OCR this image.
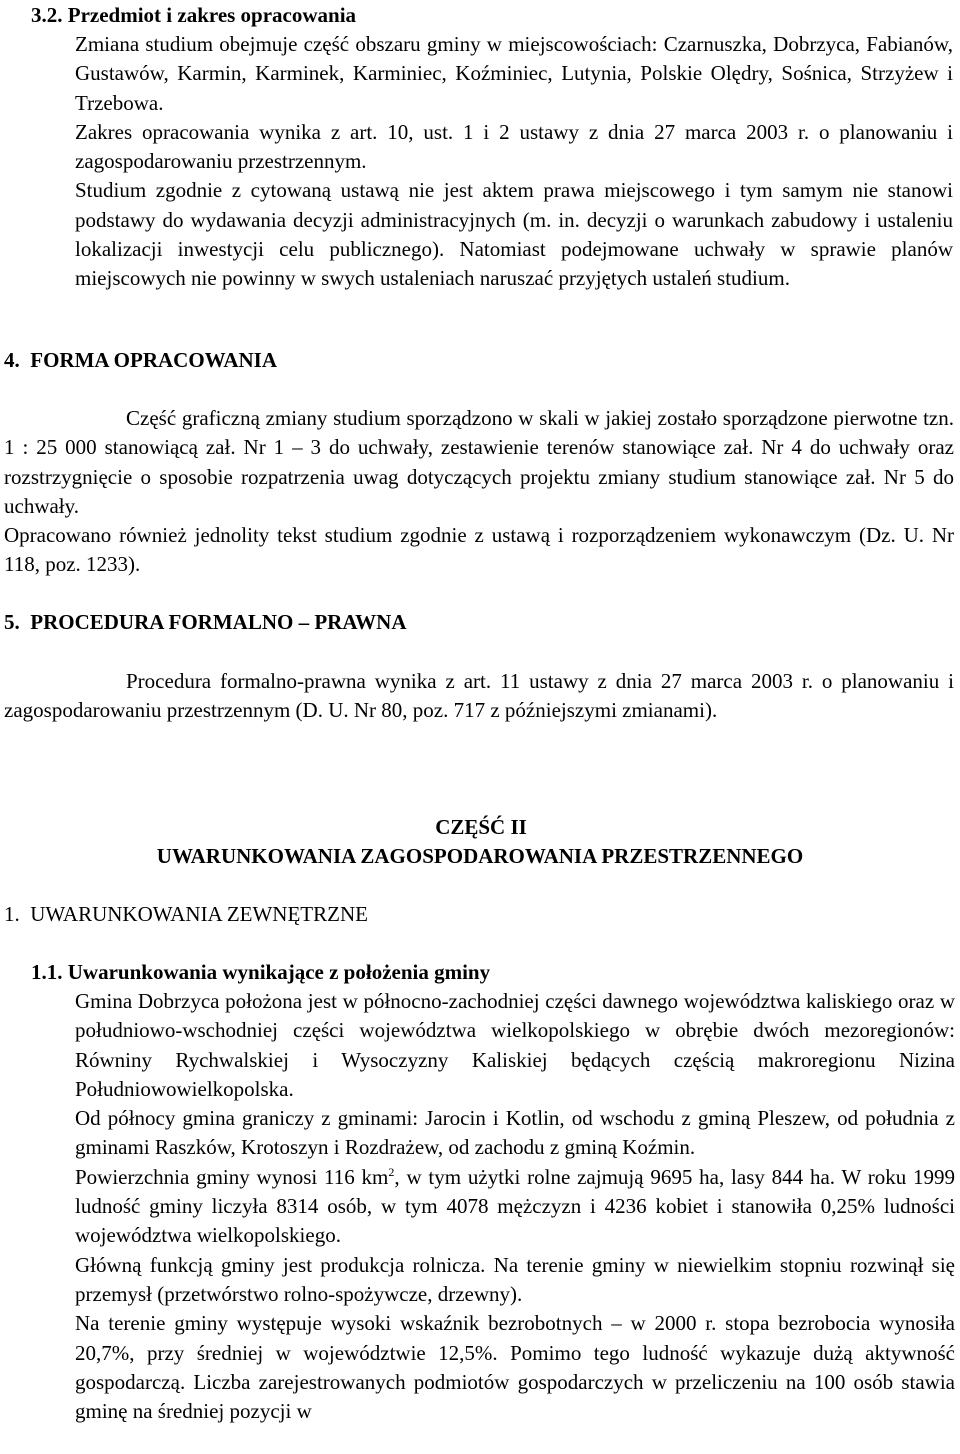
3.2. Przedmiot i zakres opracowania
Zmiana studium obejmuje część obszaru gminy w miejscowościach: Czarnuszka, Dobrzyca, Fabianów, Gustawów, Karmin, Karminek, Karminiec, Koźminiec, Lutynia, Polskie Olędry, Sośnica, Strzyżew i Trzebowa.
Zakres opracowania wynika z art. 10, ust. 1 i 2 ustawy z dnia 27 marca 2003 r. o planowaniu i zagospodarowaniu przestrzennym.
Studium zgodnie z cytowaną ustawą nie jest aktem prawa miejscowego i tym samym nie stanowi podstawy do wydawania decyzji administracyjnych (m. in. decyzji o warunkach zabudowy i ustaleniu lokalizacji inwestycji celu publicznego). Natomiast podejmowane uchwały w sprawie planów miejscowych nie powinny w swych ustaleniach naruszać przyjętych ustaleń studium.
4. FORMA OPRACOWANIA
Część graficzną zmiany studium sporządzono w skali w jakiej zostało sporządzone pierwotne tzn. 1 : 25 000 stanowiącą zał. Nr 1 – 3 do uchwały, zestawienie terenów stanowiące zał. Nr 4 do uchwały oraz rozstrzygnięcie o sposobie rozpatrzenia uwag dotyczących projektu zmiany studium stanowiące zał. Nr 5 do uchwały.
Opracowano również jednolity tekst studium zgodnie z ustawą i rozporządzeniem wykonawczym (Dz. U. Nr 118, poz. 1233).
5. PROCEDURA FORMALNO – PRAWNA
Procedura formalno-prawna wynika z art. 11 ustawy z dnia 27 marca 2003 r. o planowaniu i zagospodarowaniu przestrzennym (D. U. Nr 80, poz. 717 z późniejszymi zmianami).
CZĘŚĆ II
UWARUNKOWANIA ZAGOSPODAROWANIA PRZESTRZENNEGO
1. UWARUNKOWANIA ZEWNĘTRZNE
1.1. Uwarunkowania wynikające z położenia gminy
Gmina Dobrzyca położona jest w północno-zachodniej części dawnego województwa kaliskiego oraz w południowo-wschodniej części województwa wielkopolskiego w obrębie dwóch mezoregionów: Równiny Rychwalskiej i Wysoczyzny Kaliskiej będących częścią makroregionu Nizina Południowowielkopolska.
Od północy gmina graniczy z gminami: Jarocin i Kotlin, od wschodu z gminą Pleszew, od południa z gminami Raszków, Krotoszyn i Rozdrażew, od zachodu z gminą Koźmin.
Powierzchnia gminy wynosi 116 $km^2$, w tym użytki rolne zajmują 9695 ha, lasy 844 ha. W roku 1999 ludność gminy liczyła 8314 osób, w tym 4078 mężczyzn i 4236 kobiet i stanowiła 0,25% ludności województwa wielkopolskiego.
Główną funkcją gminy jest produkcja rolnicza. Na terenie gminy w niewielkim stopniu rozwinął się przemysł (przetwórstwo rolno-spożywcze, drzewny).
Na terenie gminy występuje wysoki wskaźnik bezrobotnych – w 2000 r. stopa bezrobocia wynosiła 20,7%, przy średniej w województwie 12,5%. Pomimo tego ludność wykazuje dużą aktywność gospodarczą. Liczba zarejestrowanych podmiotów gospodarczych w przeliczeniu na 100 osób stawia gminę na średniej pozycji w
